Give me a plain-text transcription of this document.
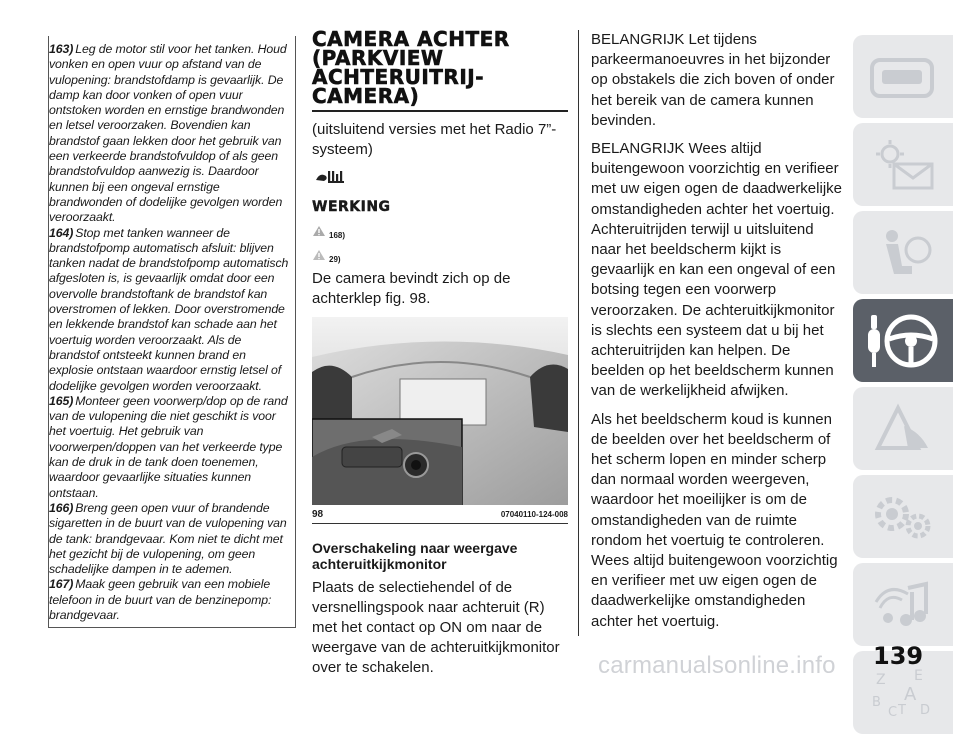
163) Leg de motor stil voor het tanken. Houd vonken en open vuur op afstand van de vulopening: brandstofdamp is gevaarlijk. De damp kan door vonken of open vuur ontstoken worden en ernstige brandwonden en letsel veroorzaken. Bovendien kan brandstof gaan lekken door het gebruik van een verkeerde brandstofvuldop of als geen brandstofvuldop aanwezig is. Daardoor kunnen bij een ongeval ernstige brandwonden of dodelijke gevolgen worden veroorzaakt.

164) Stop met tanken wanneer de brandstofpomp automatisch afsluit: blijven tanken nadat de brandstofpomp automatisch afgesloten is, is gevaarlijk omdat door een overvolle brandstoftank de brandstof kan overstromen of lekken. Door overstromende en lekkende brandstof kan schade aan het voertuig worden veroorzaakt. Als de brandstof ontsteekt kunnen brand en explosie ontstaan waardoor ernstig letsel of dodelijke gevolgen worden veroorzaakt.

165) Monteer geen voorwerp/dop op de rand van de vulopening die niet geschikt is voor het voertuig. Het gebruik van voorwerpen/doppen van het verkeerde type kan de druk in de tank doen toenemen, waardoor gevaarlijke situaties kunnen ontstaan.

166) Breng geen open vuur of brandende sigaretten in de buurt van de vulopening van de tank: brandgevaar. Kom niet te dicht met het gezicht bij de vulopening, om geen schadelijke dampen in te ademen.

167) Maak geen gebruik van een mobiele telefoon in de buurt van de benzinepomp: brandgevaar.

CAMERA ACHTER
(PARKVIEW
ACHTERUITRIJ-
CAMERA)

(uitsluitend versies met het Radio 7”-systeem)

WERKING
168)
29)

De camera bevindt zich op de achterklep fig. 98.

98	07040110-124-008

Overschakeling naar weergave achteruitkijkmonitor

Plaats de selectiehendel of de versnellingspook naar achteruit (R) met het contact op ON om naar de weergave van de achteruitkijkmonitor over te schakelen.

BELANGRIJK Let tijdens parkeermanoeuvres in het bijzonder op obstakels die zich boven of onder het bereik van de camera kunnen bevinden.

BELANGRIJK Wees altijd buitengewoon voorzichtig en verifieer met uw eigen ogen de daadwerkelijke omstandigheden achter het voertuig. Achteruitrijden terwijl u uitsluitend naar het beeldscherm kijkt is gevaarlijk en kan een ongeval of een botsing tegen een voorwerp veroorzaken. De achteruitkijkmonitor is slechts een systeem dat u bij het achteruitrijden kan helpen. De beelden op het beeldscherm kunnen van de werkelijkheid afwijken.

Als het beeldscherm koud is kunnen de beelden over het beeldscherm of het scherm lopen en minder scherp dan normaal worden weergeven, waardoor het moeilijker is om de omstandigheden van de ruimte rondom het voertuig te controleren. Wees altijd buitengewoon voorzichtig en verifieer met uw eigen ogen de daadwerkelijke omstandigheden achter het voertuig.

Z E
A
B
C T D
139
carmanualsonline.info
